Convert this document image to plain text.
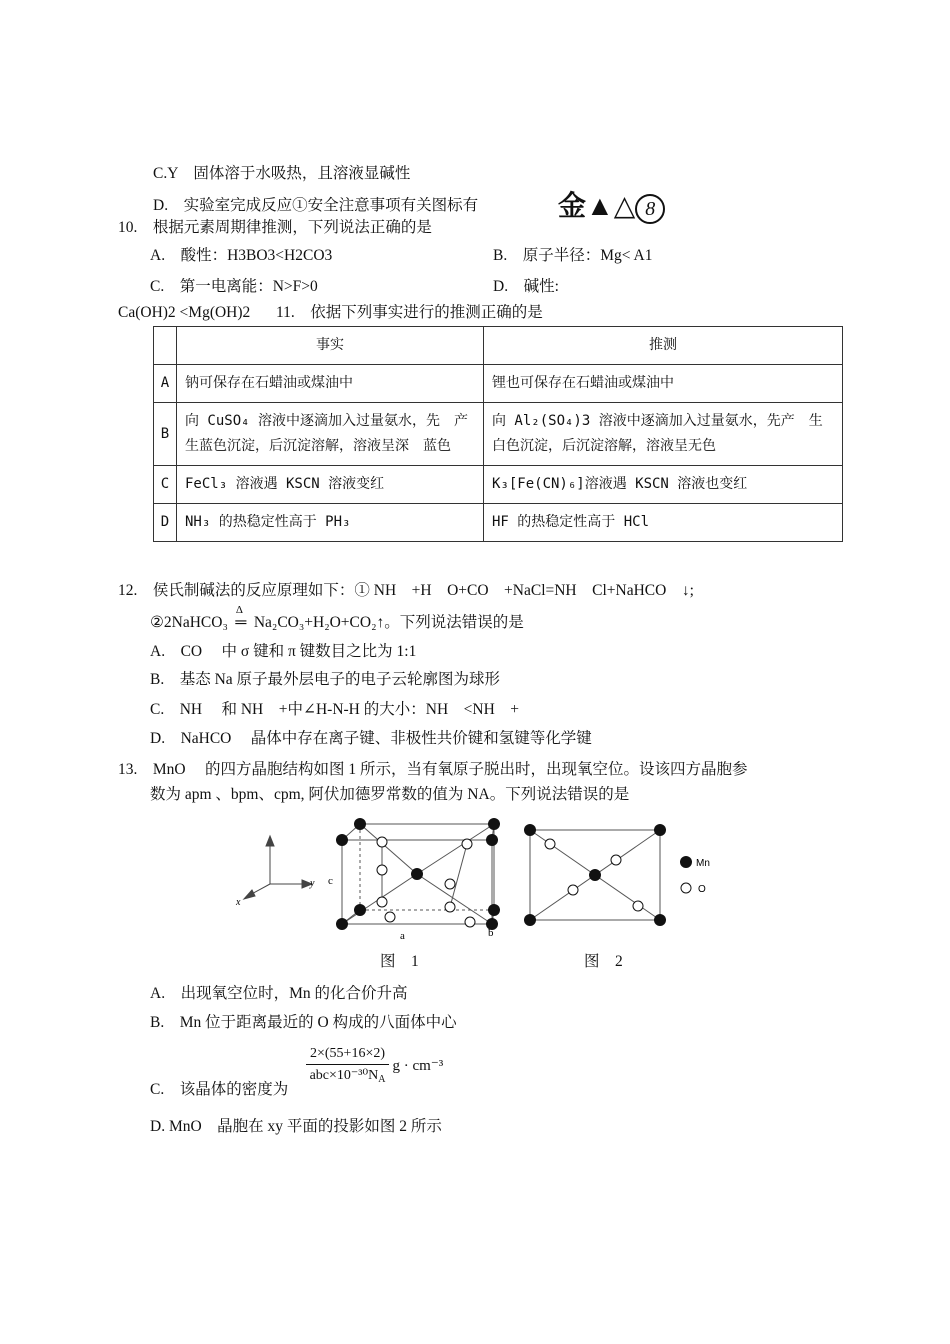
C.Y　固体溶于水吸热，且溶液显碱性
D.　实验室完成反应①安全注意事项有关图标有	金▲△ 8
10.　根据元素周期律推测，下列说法正确的是
A.　酸性：H3BO3<H2CO3	B.　原子半径：Mg< A1
C.　第一电离能：N>F>0	D.　碱性:
Ca(OH)2 <Mg(OH)2 11.　依据下列事实进行的推测正确的是
	事实	推测
A	钠可保存在石蜡油或煤油中	锂也可保存在石蜡油或煤油中
B	向 CuSO₄ 溶液中逐滴加入过量氨水，先　产生蓝色沉淀，后沉淀溶解，溶液呈深　蓝色	向 Al₂(SO₄)3 溶液中逐滴加入过量氨水，先产　生白色沉淀，后沉淀溶解，溶液呈无色
C	FeCl₃ 溶液遇 KSCN 溶液变红	K₃[Fe(CN)₆]溶液遇 KSCN 溶液也变红
D	NH₃ 的热稳定性高于 PH₃	HF 的热稳定性高于 HCl
12.　侯氏制碱法的反应原理如下：① NH　+H　O+CO　+NaCl=NH　Cl+NaHCO　↓;
②2NaHCO₃
Δ
═ Na₂CO₃+H₂O+CO₂↑。下列说法错误的是
A.　CO　 中 σ 键和 π 键数目之比为 1:1
B.　基态 Na 原子最外层电子的电子云轮廓图为球形
C.　NH　 和 NH　+中∠H-N-H 的大小：NH　<NH　+
D.　NaHCO　 晶体中存在离子键、非极性共价键和氢键等化学键
13.　MnO　 的四方晶胞结构如图 1 所示，当有氧原子脱出时，出现氧空位。设该四方晶胞参
数为 apm 、bpm、cpm, 阿伏加德罗常数的值为 NA。下列说法错误的是
y
x
c
a	b
Mn
O
图　1	图　2
A.　出现氧空位时，Mn 的化合价升高
B.　Mn 位于距离最近的 O 构成的八面体中心
C.　该晶体的密度为
2×(55+16×2)
$abc\times 10^{-30}N_A$
g · cm⁻³
D. MnO　晶胞在 xy 平面的投影如图 2 所示
